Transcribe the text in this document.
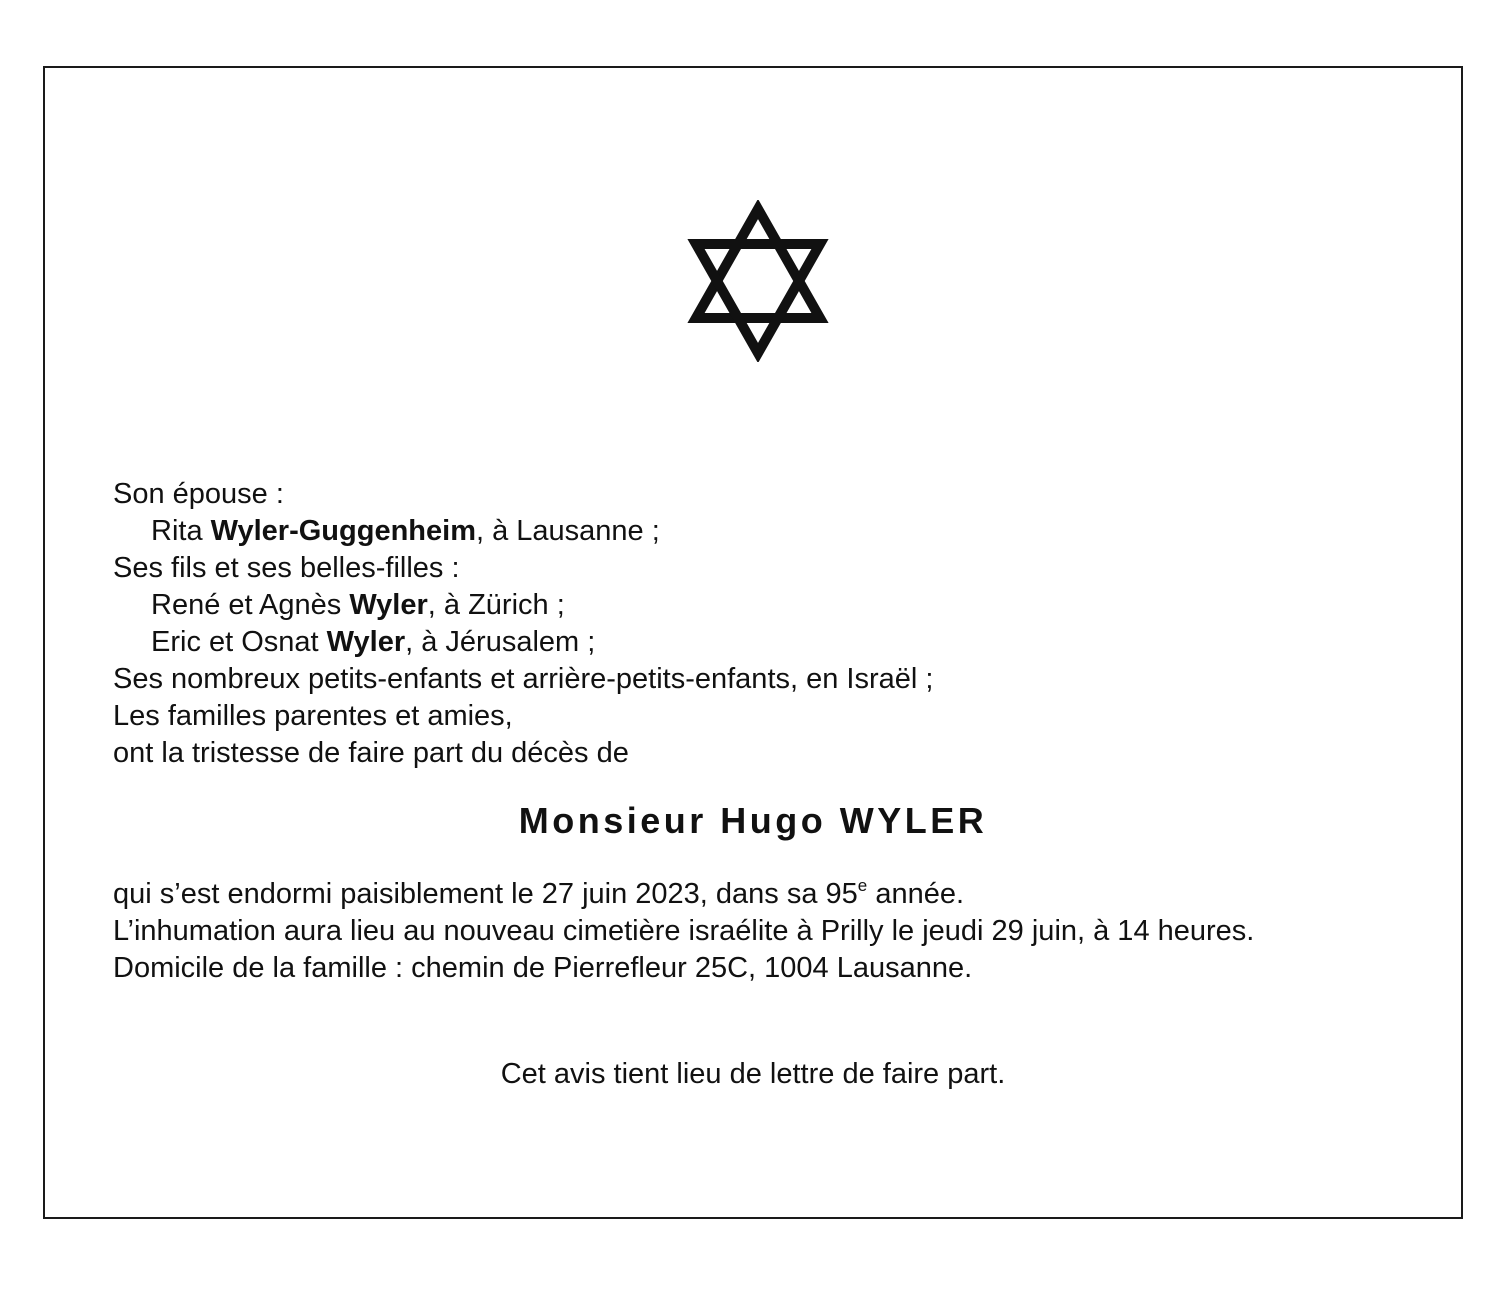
Son épouse :
Rita Wyler-Guggenheim, à Lausanne ;
Ses fils et ses belles-filles :
René et Agnès Wyler, à Zürich ;
Eric et Osnat Wyler, à Jérusalem ;
Ses nombreux petits-enfants et arrière-petits-enfants, en Israël ;
Les familles parentes et amies,
ont la tristesse de faire part du décès de
Monsieur Hugo WYLER
qui s’est endormi paisiblement le 27 juin 2023, dans sa 95e année.
L’inhumation aura lieu au nouveau cimetière israélite à Prilly le jeudi 29 juin, à 14 heures.
Domicile de la famille : chemin de Pierrefleur 25C, 1004 Lausanne.
Cet avis tient lieu de lettre de faire part.
